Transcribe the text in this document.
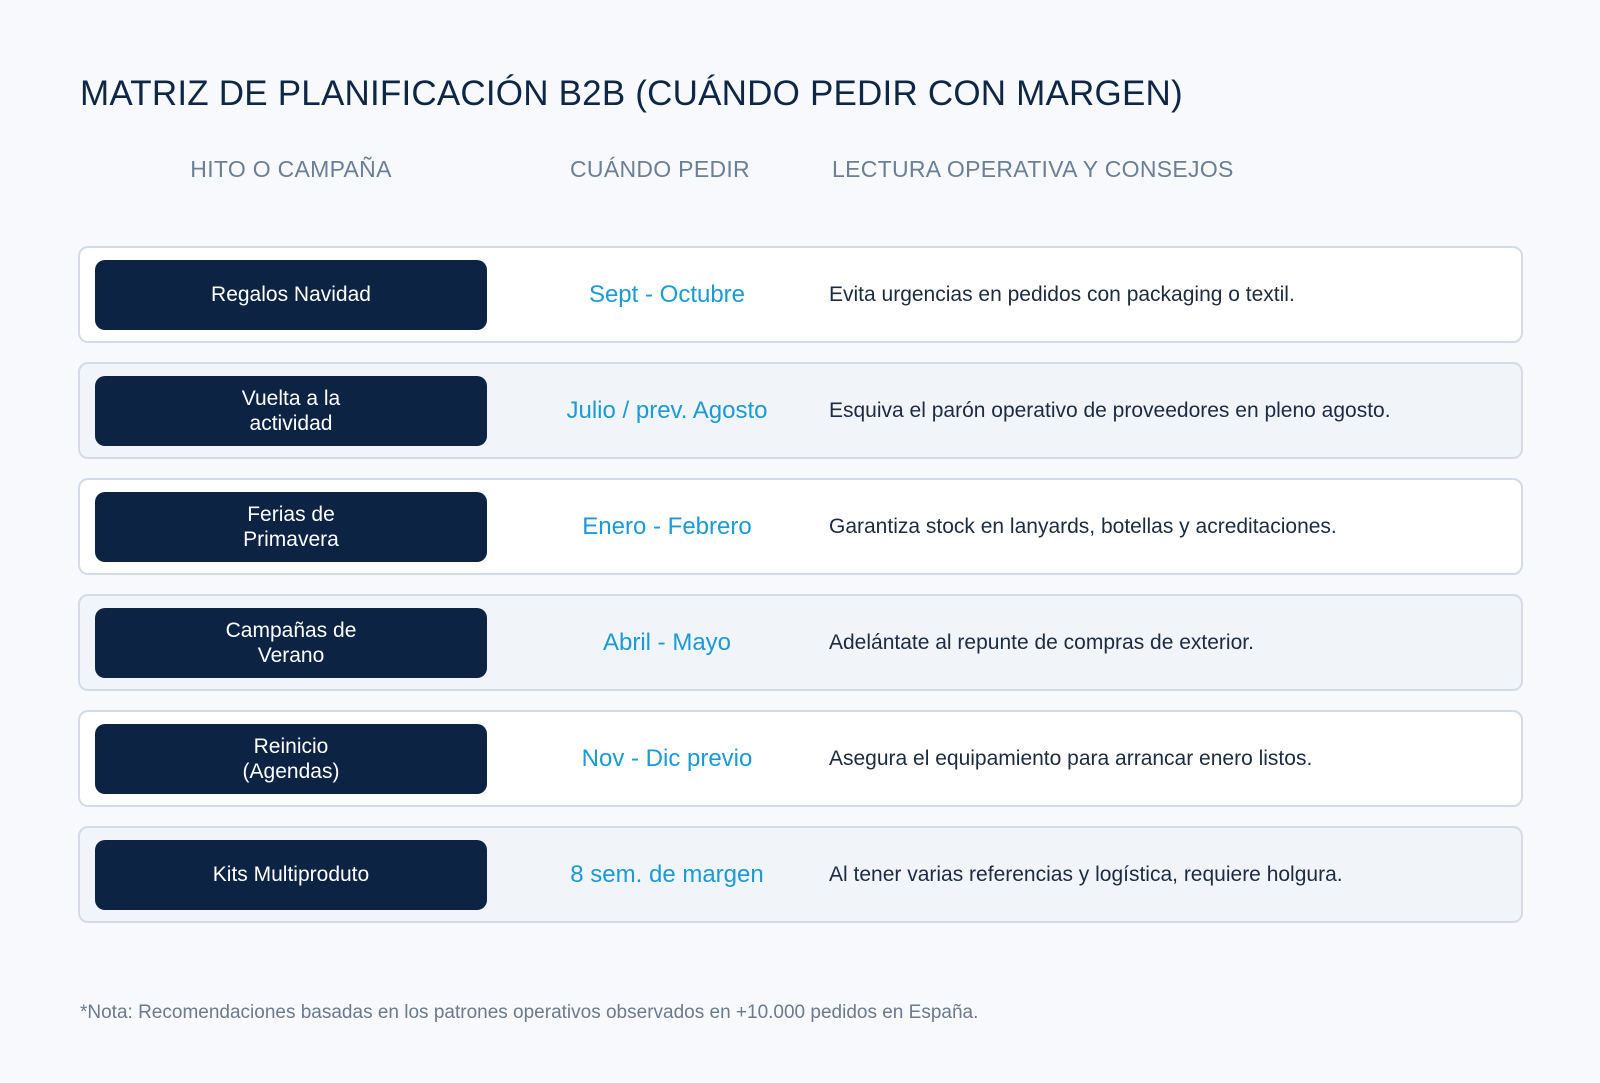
MATRIZ DE PLANIFICACIÓN B2B (CUÁNDO PEDIR CON MARGEN)
HITO O CAMPAÑA	CUÁNDO PEDIR	LECTURA OPERATIVA Y CONSEJOS
Regalos Navidad	Sept - Octubre	Evita urgencias en pedidos con packaging o textil.
Vuelta a la actividad	Julio / prev. Agosto	Esquiva el parón operativo de proveedores en pleno agosto.
Ferias de Primavera	Enero - Febrero	Garantiza stock en lanyards, botellas y acreditaciones.
Campañas de Verano	Abril - Mayo	Adelántate al repunte de compras de exterior.
Reinicio (Agendas)	Nov - Dic previo	Asegura el equipamiento para arrancar enero listos.
Kits Multiproduto	8 sem. de margen	Al tener varias referencias y logística, requiere holgura.

*Nota: Recomendaciones basadas en los patrones operativos observados en +10.000 pedidos en España.
